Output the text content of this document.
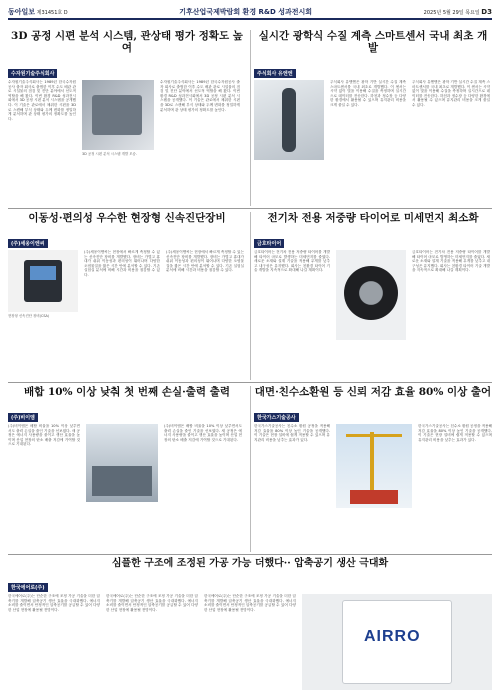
동아일보 제31451호 D	기후산업국제박람회 환경 R&D 성과전시회	2025년 5월 29일 목요일 D3
3D 공정 시편 분석 시스템, 관상태 평가 정확도 높여
수자원기술주식회사
수자원기술주식회사는 1989년 한국수자원공사 출자 회사로 출범한 이후 수도 배관 관로 시설물의 점검 및 진단 분야에서 선도적 역할을 해 왔다. 이번 환경 R&D 성과전시회에서 3D 공정 시편 분석 시스템을 공개했다. 이 기술은 관로에서 채취한 시편을 3D로 스캔해 부식 상태와 두께 변화를 정밀하게 분석하며 관 상태 평가의 정확도를 높인다.
3D 공정 시편 분석 시스템 개발 모습.
수자원기술주식회사는 1989년 한국수자원공사 출자 회사로 출범한 이후 수도 배관 관로 시설물의 점검 및 진단 분야에서 선도적 역할을 해 왔다. 이번 환경 R&D 성과전시회에서 3D 공정 시편 분석 시스템을 공개했다. 이 기술은 관로에서 채취한 시편을 3D로 스캔해 부식 상태와 두께 변화를 정밀하게 분석하며 관 상태 평가의 정확도를 높인다.
실시간 광학식 수질 계측 스마트센서 국내 최초 개발
주식회사 유엔엔
주식회사 유엔엔은 광학 기반 실시간 수질 계측 스마트센서를 국내 최초로 개발했다. 이 센서는 시약 없이 빛을 이용해 수질을 측정하며 실시간으로 데이터를 전송한다. 하천과 정수장 등 다양한 환경에서 활용될 수 있으며 유지관리 비용을 크게 줄일 수 있다.
주식회사 유엔엔은 광학 기반 실시간 수질 계측 스마트센서를 국내 최초로 개발했다. 이 센서는 시약 없이 빛을 이용해 수질을 측정하며 실시간으로 데이터를 전송한다. 하천과 정수장 등 다양한 환경에서 활용될 수 있으며 유지관리 비용을 크게 줄일 수 있다.
이동성·편의성 우수한 현장형 신속진단장비
(주)세웅이엔씨
현장형 신속진단 장비(CSA)
(주)세웅이엔씨는 현장에서 빠르게 측정할 수 있는 신속진단 장비를 개발했다. 장비는 가볍고 휴대가 쉬워 이동성과 편의성이 뛰어나며 다양한 오염물질을 짧은 시간 안에 분석할 수 있다. 기존 실험실 분석에 비해 시간과 비용을 절감할 수 있다.
(주)세웅이엔씨는 현장에서 빠르게 측정할 수 있는 신속진단 장비를 개발했다. 장비는 가볍고 휴대가 쉬워 이동성과 편의성이 뛰어나며 다양한 오염물질을 짧은 시간 안에 분석할 수 있다. 기존 실험실 분석에 비해 시간과 비용을 절감할 수 있다.
전기차 전용 저중량 타이어로 미세먼지 최소화
금호타이어
금호타이어는 전기차 전용 저중량 타이어를 개발해 타이어 마모로 발생하는 미세먼지를 줄였다. 새로운 소재와 설계 기술을 적용해 무게를 낮추고 내구성은 유지했다. 회사는 친환경 타이어 기술 개발을 지속적으로 확대해 나갈 계획이다.
금호타이어는 전기차 전용 저중량 타이어를 개발해 타이어 마모로 발생하는 미세먼지를 줄였다. 새로운 소재와 설계 기술을 적용해 무게를 낮추고 내구성은 유지했다. 회사는 친환경 타이어 기술 개발을 지속적으로 확대해 나갈 계획이다.
배합 10% 이상 낮춰 첫 번째 손실·출력 출력
(주)비이엠
(주)비이엠은 배합 비율을 10% 이상 낮추면서도 출력 손실을 줄인 기술을 선보였다. 새 공정은 에너지 사용량을 줄이고 생산 효율을 높이며 산업 현장의 탄소 배출 저감에 기여할 것으로 기대된다.
(주)비이엠은 배합 비율을 10% 이상 낮추면서도 출력 손실을 줄인 기술을 선보였다. 새 공정은 에너지 사용량을 줄이고 생산 효율을 높이며 산업 현장의 탄소 배출 저감에 기여할 것으로 기대된다.
대면·친수소환원 등 신뢰 저감 효율 80% 이상 출어
한국가스기술공사
한국가스기술공사는 친수소 환원 공정을 적용해 저감 효율을 80% 이상 높인 기술을 공개했다. 이 기술은 현장 설비에 쉽게 적용할 수 있으며 유지관리 비용을 낮추는 효과가 있다.
한국가스기술공사는 친수소 환원 공정을 적용해 저감 효율을 80% 이상 높인 기술을 공개했다. 이 기술은 현장 설비에 쉽게 적용할 수 있으며 유지관리 비용을 낮추는 효과가 있다.
심플한 구조에 조정된 가공 가능 더했다·· 압축공기 생산 극대화
한국에어로(주)
한국에어로(주)는 단순한 구조에 조정 가공 기술을 더한 압축기를 개발해 압축공기 생산 효율을 극대화했다. 에너지 소비를 줄이면서 안정적인 압축공기를 공급할 수 있어 다양한 산업 현장에 활용될 전망이다.
한국에어로(주)는 단순한 구조에 조정 가공 기술을 더한 압축기를 개발해 압축공기 생산 효율을 극대화했다. 에너지 소비를 줄이면서 안정적인 압축공기를 공급할 수 있어 다양한 산업 현장에 활용될 전망이다.
한국에어로(주)는 단순한 구조에 조정 가공 기술을 더한 압축기를 개발해 압축공기 생산 효율을 극대화했다. 에너지 소비를 줄이면서 안정적인 압축공기를 공급할 수 있어 다양한 산업 현장에 활용될 전망이다.
AIRRO
